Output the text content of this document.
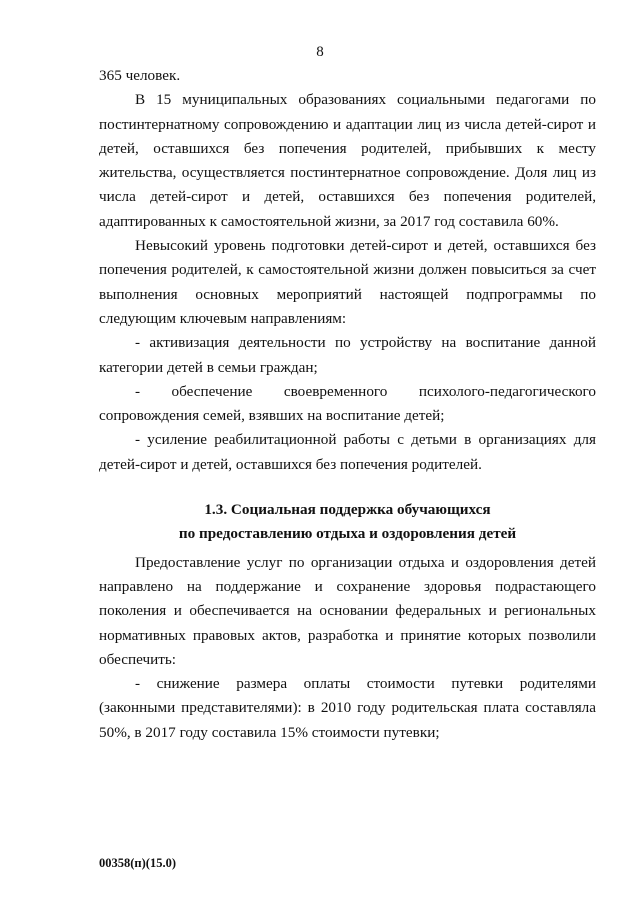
8

365 человек.

В 15 муниципальных образованиях социальными педагогами по постинтернатному сопровождению и адаптации лиц из числа детей-сирот и детей, оставшихся без попечения родителей, прибывших к месту жительства, осуществляется постинтернатное сопровождение. Доля лиц из числа детей-сирот и детей, оставшихся без попечения родителей, адаптированных к самостоятельной жизни, за 2017 год составила 60%.

Невысокий уровень подготовки детей-сирот и детей, оставшихся без попечения родителей, к самостоятельной жизни должен повыситься за счет выполнения основных мероприятий настоящей подпрограммы по следующим ключевым направлениям:

- активизация деятельности по устройству на воспитание данной категории детей в семьи граждан;

- обеспечение своевременного психолого-педагогического сопровождения семей, взявших на воспитание детей;

- усиление реабилитационной работы с детьми в организациях для детей-сирот и детей, оставшихся без попечения родителей.

1.3. Социальная поддержка обучающихся

по предоставлению отдыха и оздоровления детей

Предоставление услуг по организации отдыха и оздоровления детей направлено на поддержание и сохранение здоровья подрастающего поколения и обеспечивается на основании федеральных и региональных нормативных правовых актов, разработка и принятие которых позволили обеспечить:

- снижение размера оплаты стоимости путевки родителями (законными представителями): в 2010 году родительская плата составляла 50%, в 2017 году составила 15% стоимости путевки;

00358(п)(15.0)
